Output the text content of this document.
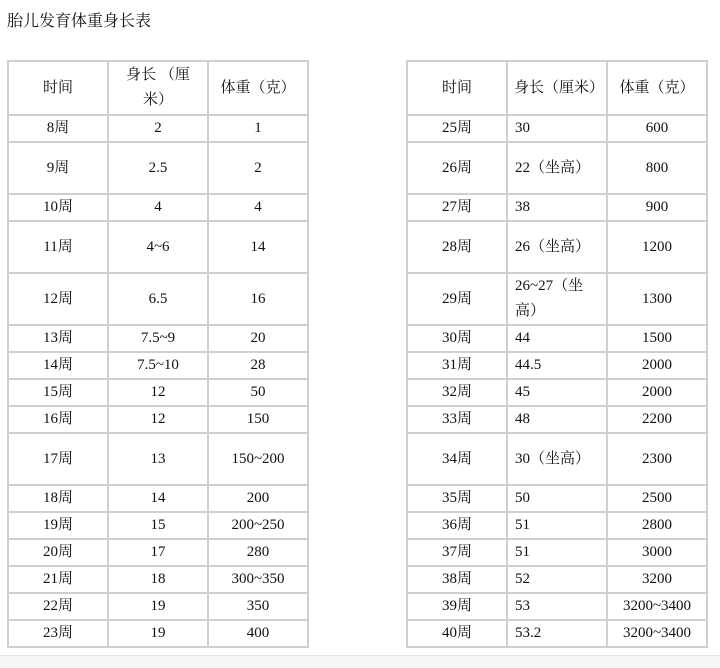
胎儿发育体重身长表
时间	身长 （厘米）	体重（克）
8周	2	1
9周	2.5	2
10周	4	4
11周	4~6	14
12周	6.5	16
13周	7.5~9	20
14周	7.5~10	28
15周	12	50
16周	12	150
17周	13	150~200
18周	14	200
19周	15	200~250
20周	17	280
21周	18	300~350
22周	19	350
23周	19	400
时间	身长（厘米）	体重（克）
25周	30	600
26周	22（坐高）	800
27周	38	900
28周	26（坐高）	1200
29周	26~27（坐高）	1300
30周	44	1500
31周	44.5	2000
32周	45	2000
33周	48	2200
34周	30（坐高）	2300
35周	50	2500
36周	51	2800
37周	51	3000
38周	52	3200
39周	53	3200~3400
40周	53.2	3200~3400
